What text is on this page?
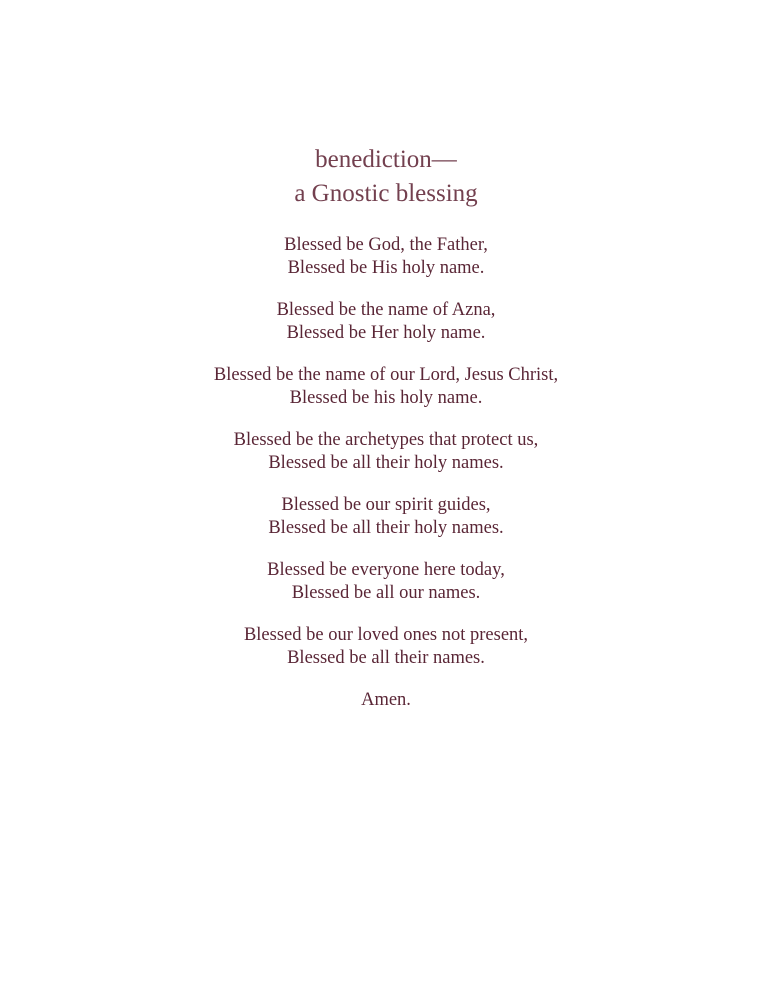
benediction—
a Gnostic blessing
Blessed be God, the Father,
Blessed be His holy name.
Blessed be the name of Azna,
Blessed be Her holy name.
Blessed be the name of our Lord, Jesus Christ,
Blessed be his holy name.
Blessed be the archetypes that protect us,
Blessed be all their holy names.
Blessed be our spirit guides,
Blessed be all their holy names.
Blessed be everyone here today,
Blessed be all our names.
Blessed be our loved ones not present,
Blessed be all their names.
Amen.
